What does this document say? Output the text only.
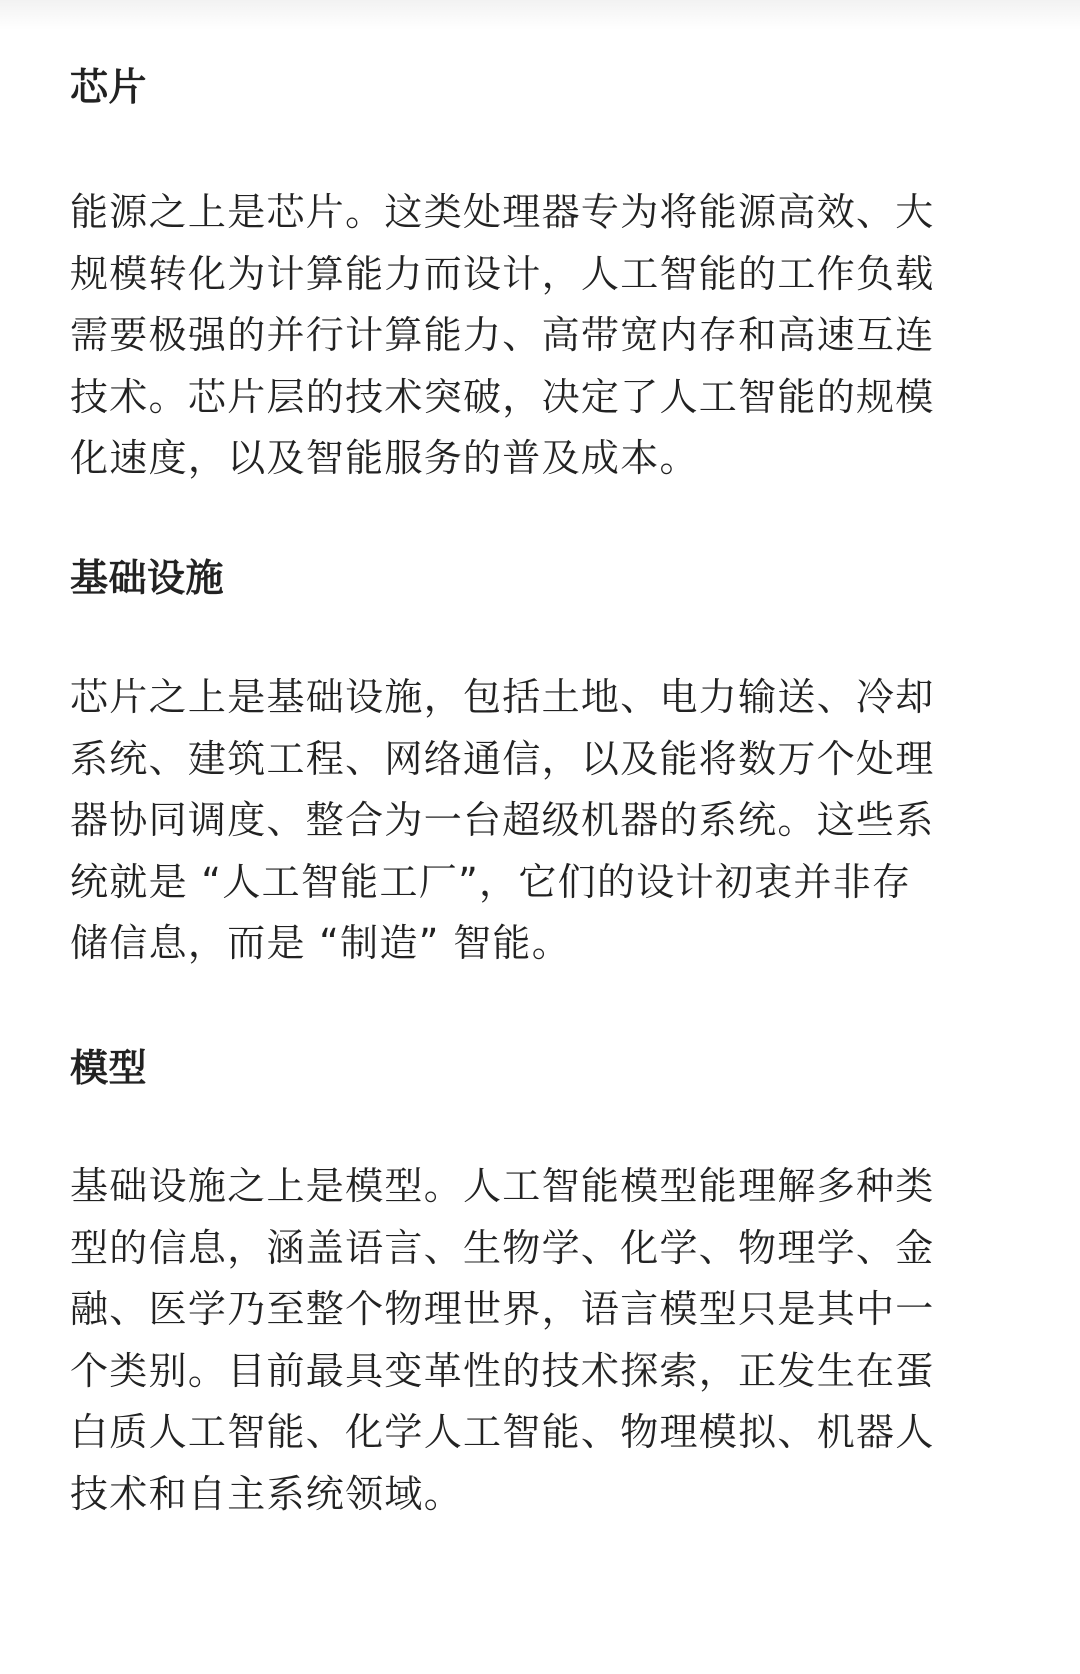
芯片
能源之上是芯片。这类处理器专为将能源高效、大
规模转化为计算能力而设计，人工智能的工作负载
需要极强的并行计算能力、高带宽内存和高速互连
技术。芯片层的技术突破，决定了人工智能的规模
化速度，以及智能服务的普及成本。
基础设施
芯片之上是基础设施，包括土地、电力输送、冷却
系统、建筑工程、网络通信，以及能将数万个处理
器协同调度、整合为一台超级机器的系统。这些系
统就是 “人工智能工厂”，它们的设计初衷并非存
储信息，而是 “制造” 智能。
模型
基础设施之上是模型。人工智能模型能理解多种类
型的信息，涵盖语言、生物学、化学、物理学、金
融、医学乃至整个物理世界，语言模型只是其中一
个类别。目前最具变革性的技术探索，正发生在蛋
白质人工智能、化学人工智能、物理模拟、机器人
技术和自主系统领域。
